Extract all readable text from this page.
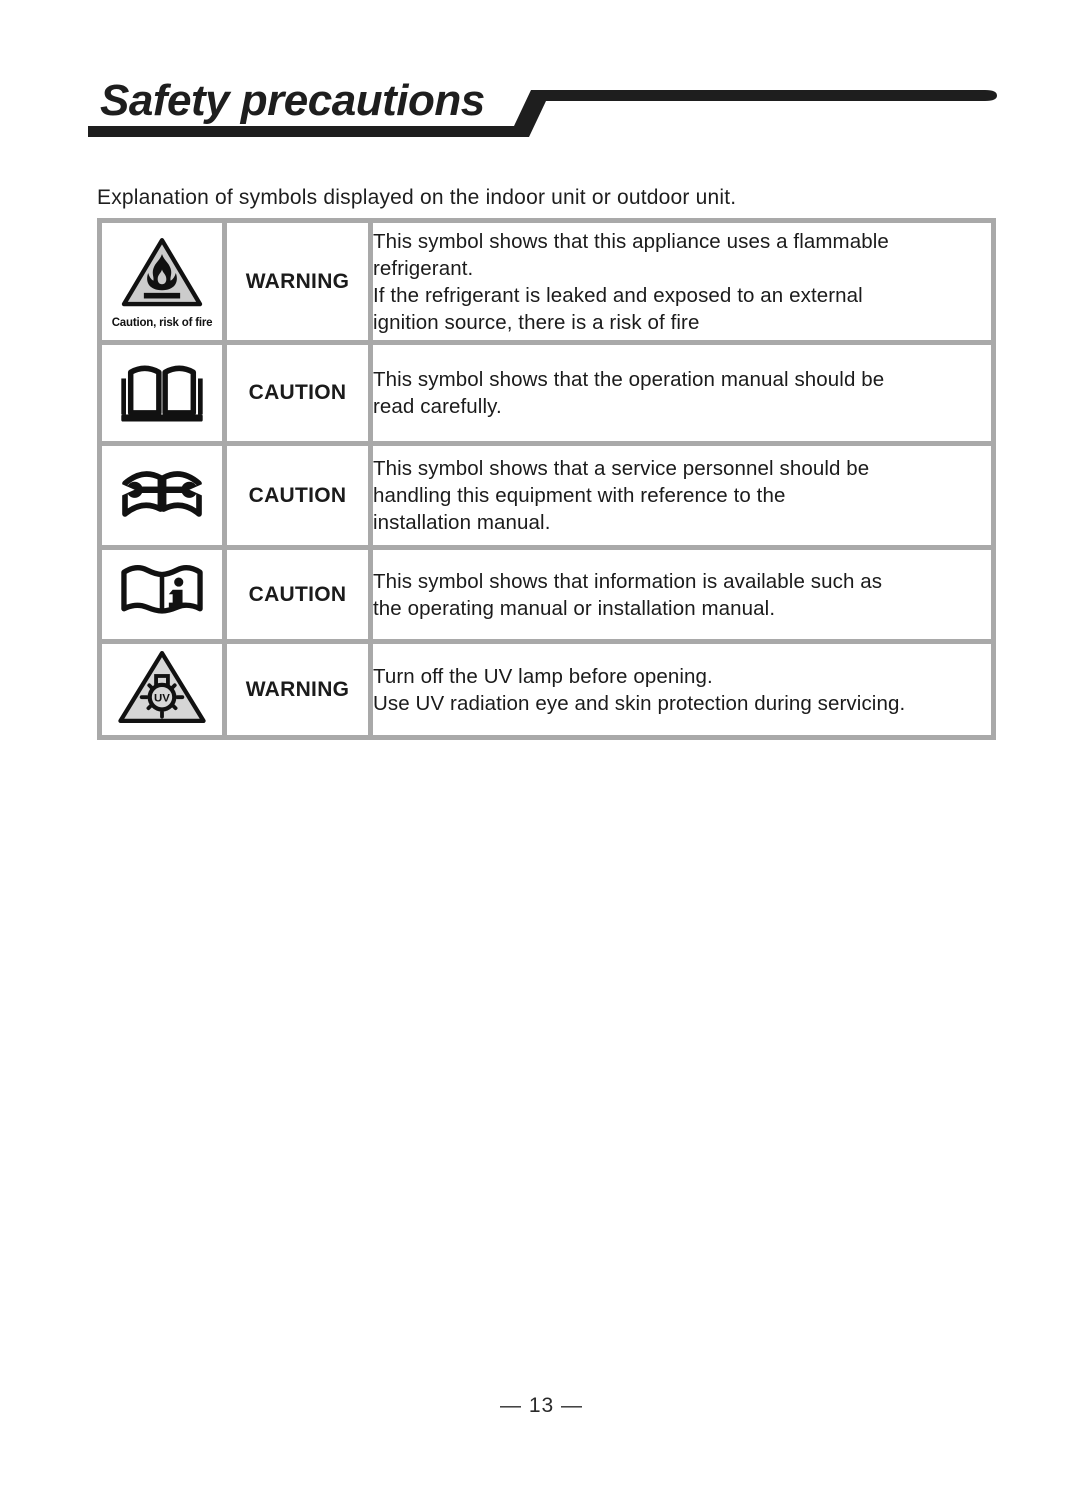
Safety precautions

Explanation of symbols displayed on the indoor unit or outdoor unit.

Caution, risk of fire	WARNING	This symbol shows that this appliance uses a flammable
refrigerant.
If the refrigerant is leaked and exposed to an external
ignition source, there is a risk of fire

	CAUTION	This symbol shows that the operation manual should be
read carefully.

	CAUTION	This symbol shows that a service personnel should be
handling this equipment with reference to the
installation manual.

	CAUTION	This symbol shows that information is available such as
the operating manual or installation manual.

UV	WARNING	Turn off the UV lamp before opening.
Use UV radiation eye and skin protection during servicing.
— 13 —
